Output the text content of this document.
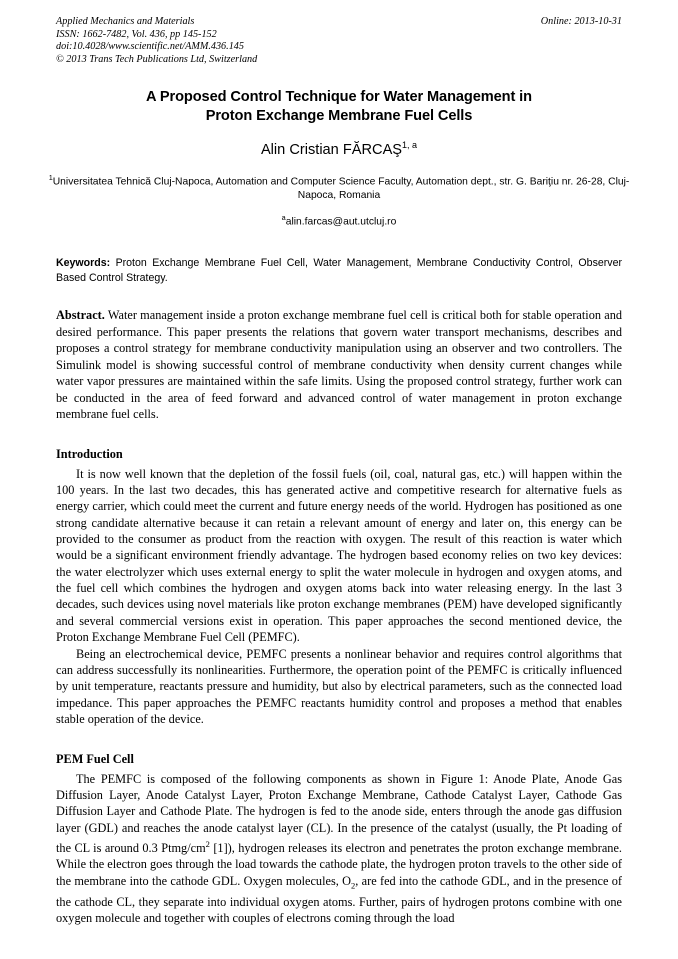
Applied Mechanics and Materials
ISSN: 1662-7482, Vol. 436, pp 145-152
doi:10.4028/www.scientific.net/AMM.436.145
© 2013 Trans Tech Publications Ltd, Switzerland
Online: 2013-10-31
A Proposed Control Technique for Water Management in
Proton Exchange Membrane Fuel Cells
Alin Cristian FĂRCAŞ$^{1, a}$
$^1$Universitatea Tehnică Cluj-Napoca, Automation and Computer Science Faculty, Automation dept., str. G. Bariţiu nr. 26-28, Cluj-Napoca, Romania
$^a$alin.farcas@aut.utcluj.ro
Keywords: Proton Exchange Membrane Fuel Cell, Water Management, Membrane Conductivity Control, Observer Based Control Strategy.
Abstract. Water management inside a proton exchange membrane fuel cell is critical both for stable operation and desired performance. This paper presents the relations that govern water transport mechanisms, describes and proposes a control strategy for membrane conductivity manipulation using an observer and two controllers. The Simulink model is showing successful control of membrane conductivity when density current changes while water vapor pressures are maintained within the safe limits. Using the proposed control strategy, further work can be conducted in the area of feed forward and advanced control of water management in proton exchange membrane fuel cells.
Introduction
It is now well known that the depletion of the fossil fuels (oil, coal, natural gas, etc.) will happen within the 100 years. In the last two decades, this has generated active and competitive research for alternative fuels as energy carrier, which could meet the current and future energy needs of the world. Hydrogen has positioned as one strong candidate alternative because it can retain a relevant amount of energy and later on, this energy can be provided to the consumer as product from the reaction with oxygen. The result of this reaction is water which would be a significant environment friendly advantage. The hydrogen based economy relies on two key devices: the water electrolyzer which uses external energy to split the water molecule in hydrogen and oxygen atoms, and the fuel cell which combines the hydrogen and oxygen atoms back into water releasing energy. In the last 3 decades, such devices using novel materials like proton exchange membranes (PEM) have developed significantly and several commercial versions exist in operation. This paper approaches the second mentioned device, the Proton Exchange Membrane Fuel Cell (PEMFC).
Being an electrochemical device, PEMFC presents a nonlinear behavior and requires control algorithms that can address successfully its nonlinearities. Furthermore, the operation point of the PEMFC is critically influenced by unit temperature, reactants pressure and humidity, but also by electrical parameters, such as the connected load impedance. This paper approaches the PEMFC reactants humidity control and proposes a method that enables stable operation of the device.
PEM Fuel Cell
The PEMFC is composed of the following components as shown in Figure 1: Anode Plate, Anode Gas Diffusion Layer, Anode Catalyst Layer, Proton Exchange Membrane, Cathode Catalyst Layer, Cathode Gas Diffusion Layer and Cathode Plate. The hydrogen is fed to the anode side, enters through the anode gas diffusion layer (GDL) and reaches the anode catalyst layer (CL). In the presence of the catalyst (usually, the Pt loading of the CL is around 0.3 Ptmg/$cm^2$ [1]), hydrogen releases its electron and penetrates the proton exchange membrane. While the electron goes through the load towards the cathode plate, the hydrogen proton travels to the other side of the membrane into the cathode GDL. Oxygen molecules, $O_2$, are fed into the cathode GDL, and in the presence of the cathode CL, they separate into individual oxygen atoms. Further, pairs of hydrogen protons combine with one oxygen molecule and together with couples of electrons coming through the load
